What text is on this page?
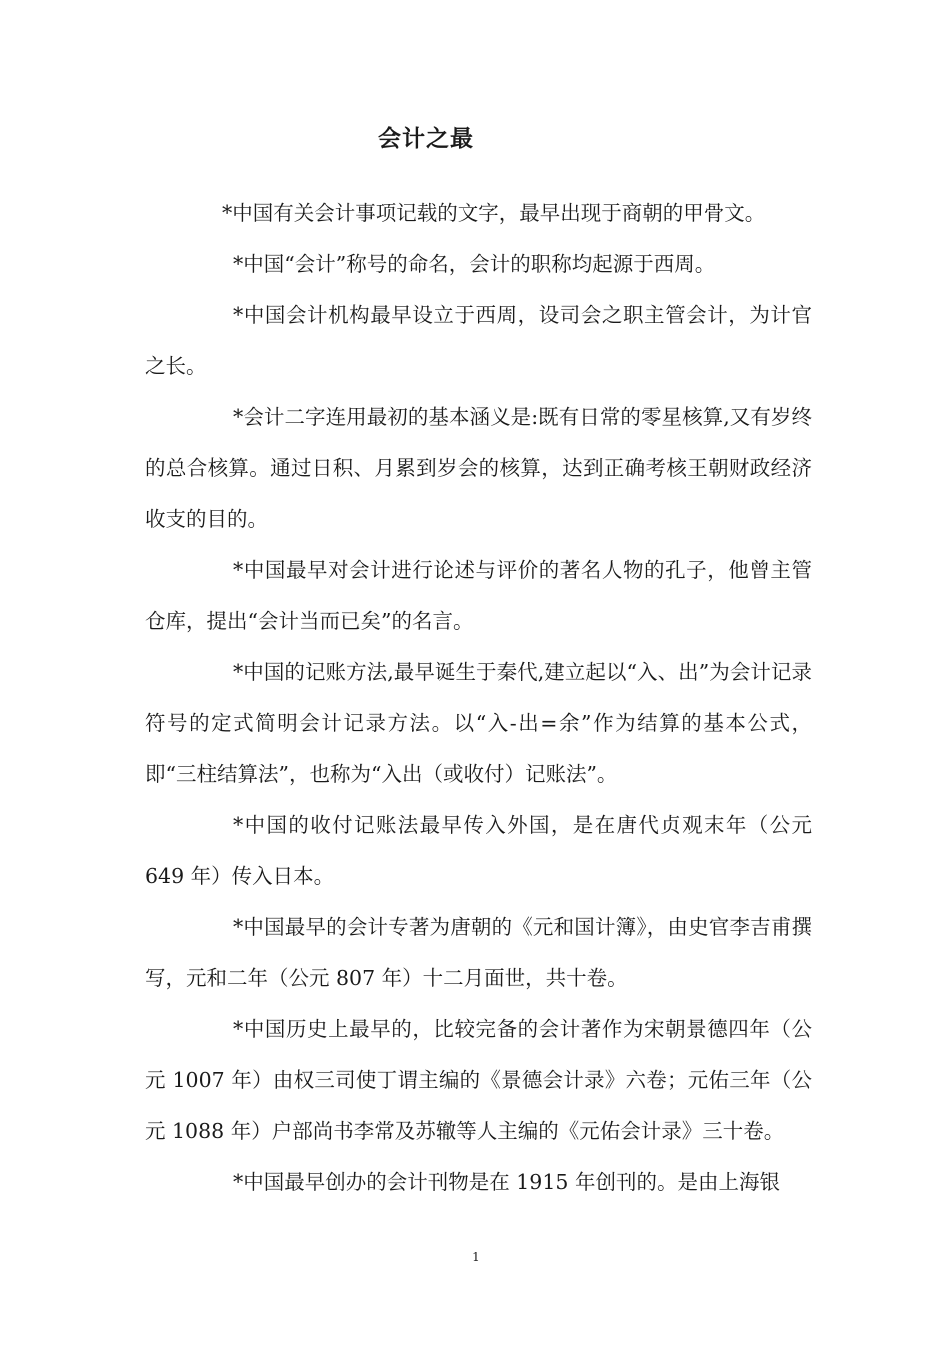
会计之最

*中国有关会计事项记载的文字，最早出现于商朝的甲骨文。

*中国“会计”称号的命名，会计的职称均起源于西周。

*中国会计机构最早设立于西周，设司会之职主管会计，为计官之长。

*会计二字连用最初的基本涵义是:既有日常的零星核算,又有岁终的总合核算。通过日积、月累到岁会的核算，达到正确考核王朝财政经济收支的目的。

*中国最早对会计进行论述与评价的著名人物的孔子，他曾主管仓库，提出“会计当而已矣”的名言。

*中国的记账方法,最早诞生于秦代,建立起以“入、出”为会计记录符号的定式简明会计记录方法。以“入-出=余”作为结算的基本公式，即“三柱结算法”，也称为“入出（或收付）记账法”。

*中国的收付记账法最早传入外国，是在唐代贞观末年（公元 649 年）传入日本。

*中国最早的会计专著为唐朝的《元和国计簿》，由史官李吉甫撰写，元和二年（公元 807 年）十二月面世，共十卷。

*中国历史上最早的，比较完备的会计著作为宋朝景德四年（公元 1007 年）由权三司使丁谓主编的《景德会计录》六卷；元佑三年（公元 1088 年）户部尚书李常及苏辙等人主编的《元佑会计录》三十卷。

*中国最早创办的会计刊物是在 1915 年创刊的。是由上海银

1
